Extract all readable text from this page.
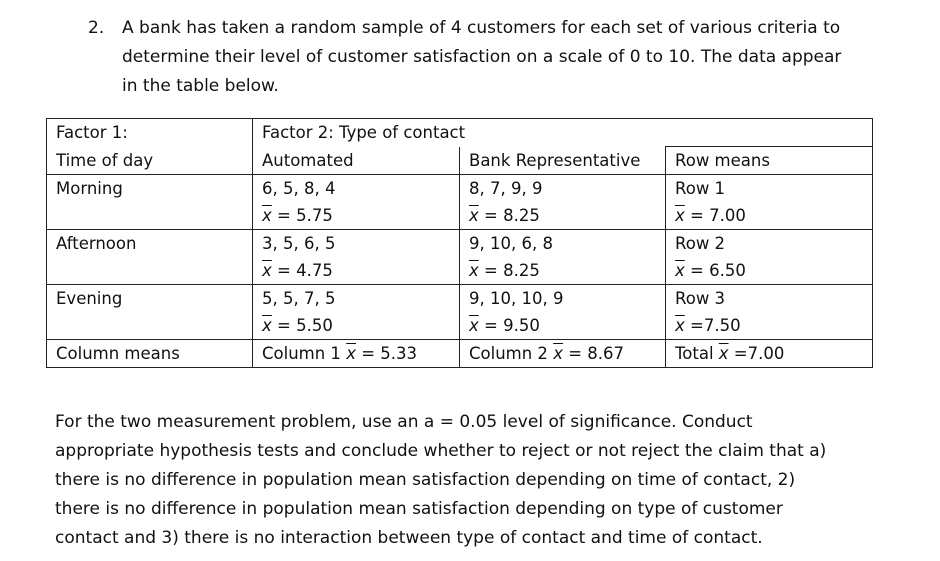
2. A bank has taken a random sample of 4 customers for each set of various criteria to
determine their level of customer satisfaction on a scale of 0 to 10. The data appear
in the table below.
Factor 1:	Factor 2: Type of contact		
Time of day	Automated	Bank Representative	Row means
Morning	6, 5, 8, 4	8, 7, 9, 9	Row 1
	$\overline{x} = 5.75$	$\overline{x} = 8.25$	$\overline{x} = 7.00$
Afternoon	3, 5, 6, 5	9, 10, 6, 8	Row 2
	$\overline{x} = 4.75$	$\overline{x} = 8.25$	$\overline{x} = 6.50$
Evening	5, 5, 7, 5	9, 10, 10, 9	Row 3
	$\overline{x} = 5.50$	$\overline{x} = 9.50$	$\overline{x} =7.50$
Column means	Column 1 $\overline{x} = 5.33$	Column 2 $\overline{x} = 8.67$	Total $\overline{x} =7.00$
For the two measurement problem, use an a = 0.05 level of significance. Conduct
appropriate hypothesis tests and conclude whether to reject or not reject the claim that a)
there is no difference in population mean satisfaction depending on time of contact, 2)
there is no difference in population mean satisfaction depending on type of customer
contact and 3) there is no interaction between type of contact and time of contact.
